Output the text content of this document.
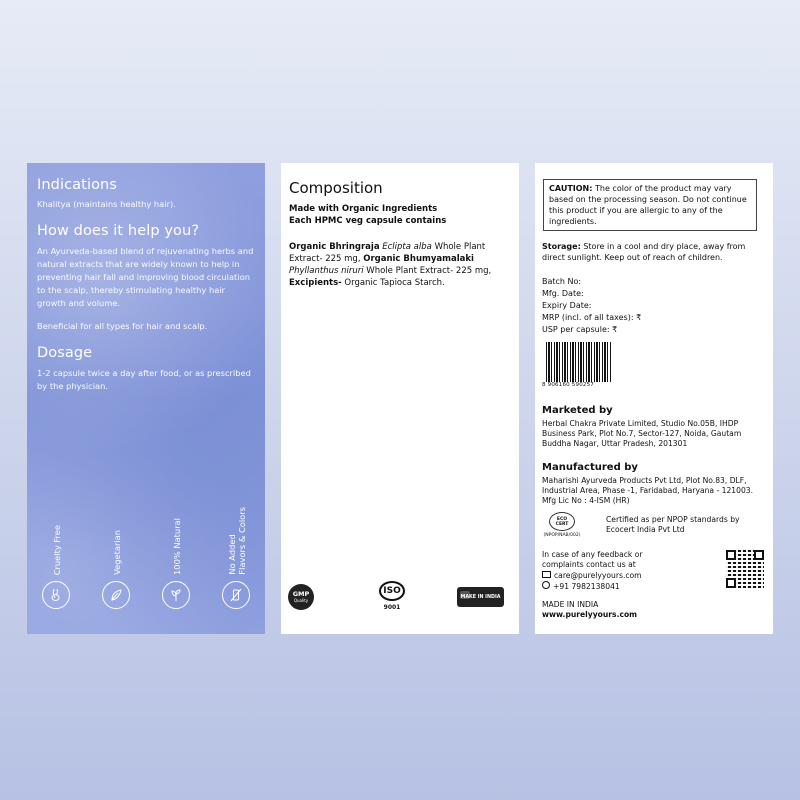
Indications

Khalitya (maintains healthy hair).

How does it help you?

An Ayurveda-based blend of rejuvenating herbs and natural extracts that are widely known to help in preventing hair fall and improving blood circulation to the scalp, thereby stimulating healthy hair growth and volume.

Beneficial for all types for hair and scalp.

Dosage

1-2 capsule twice a day after food, or as prescribed by the physician.

Cruelty Free	Vegetarian	100% Natural	No Added
Flavors & Colors
Composition

Made with Organic Ingredients

Each HPMC veg capsule contains

Organic Bhringraja Eclipta alba Whole Plant Extract- 225 mg, Organic Bhumyamalaki Phyllanthus niruri Whole Plant Extract- 225 mg, Excipients- Organic Tapioca Starch.

GMP
Quality
ISO
9001
MAKE IN INDIA
CAUTION: The color of the product may vary based on the processing season. Do not continue this product if you are allergic to any of the ingredients.

Storage: Store in a cool and dry place, away from direct sunlight. Keep out of reach of children.

Batch No:

Mfg. Date:

Expiry Date:

MRP (incl. of all taxes): ₹

USP per capsule: ₹

8 906160 590257

Marketed by

Herbal Chakra Private Limited, Studio No.05B, IHDP Business Park, Plot No.7, Sector-127, Noida, Gautam Buddha Nagar, Uttar Pradesh, 201301

Manufactured by

Maharishi Ayurveda Products Pvt Ltd, Plot No.83, DLF, Industrial Area, Phase -1, Faridabad, Haryana - 121003.

Mfg Lic No : 4-ISM (HR)

ECO CERT
(NPOP/NAB/002)

Certified as per NPOP standards by Ecocert India Pvt Ltd

In case of any feedback or complaints contact us at

care@purelyyours.com

+91 7982138041

MADE IN INDIA

www.purelyyours.com
